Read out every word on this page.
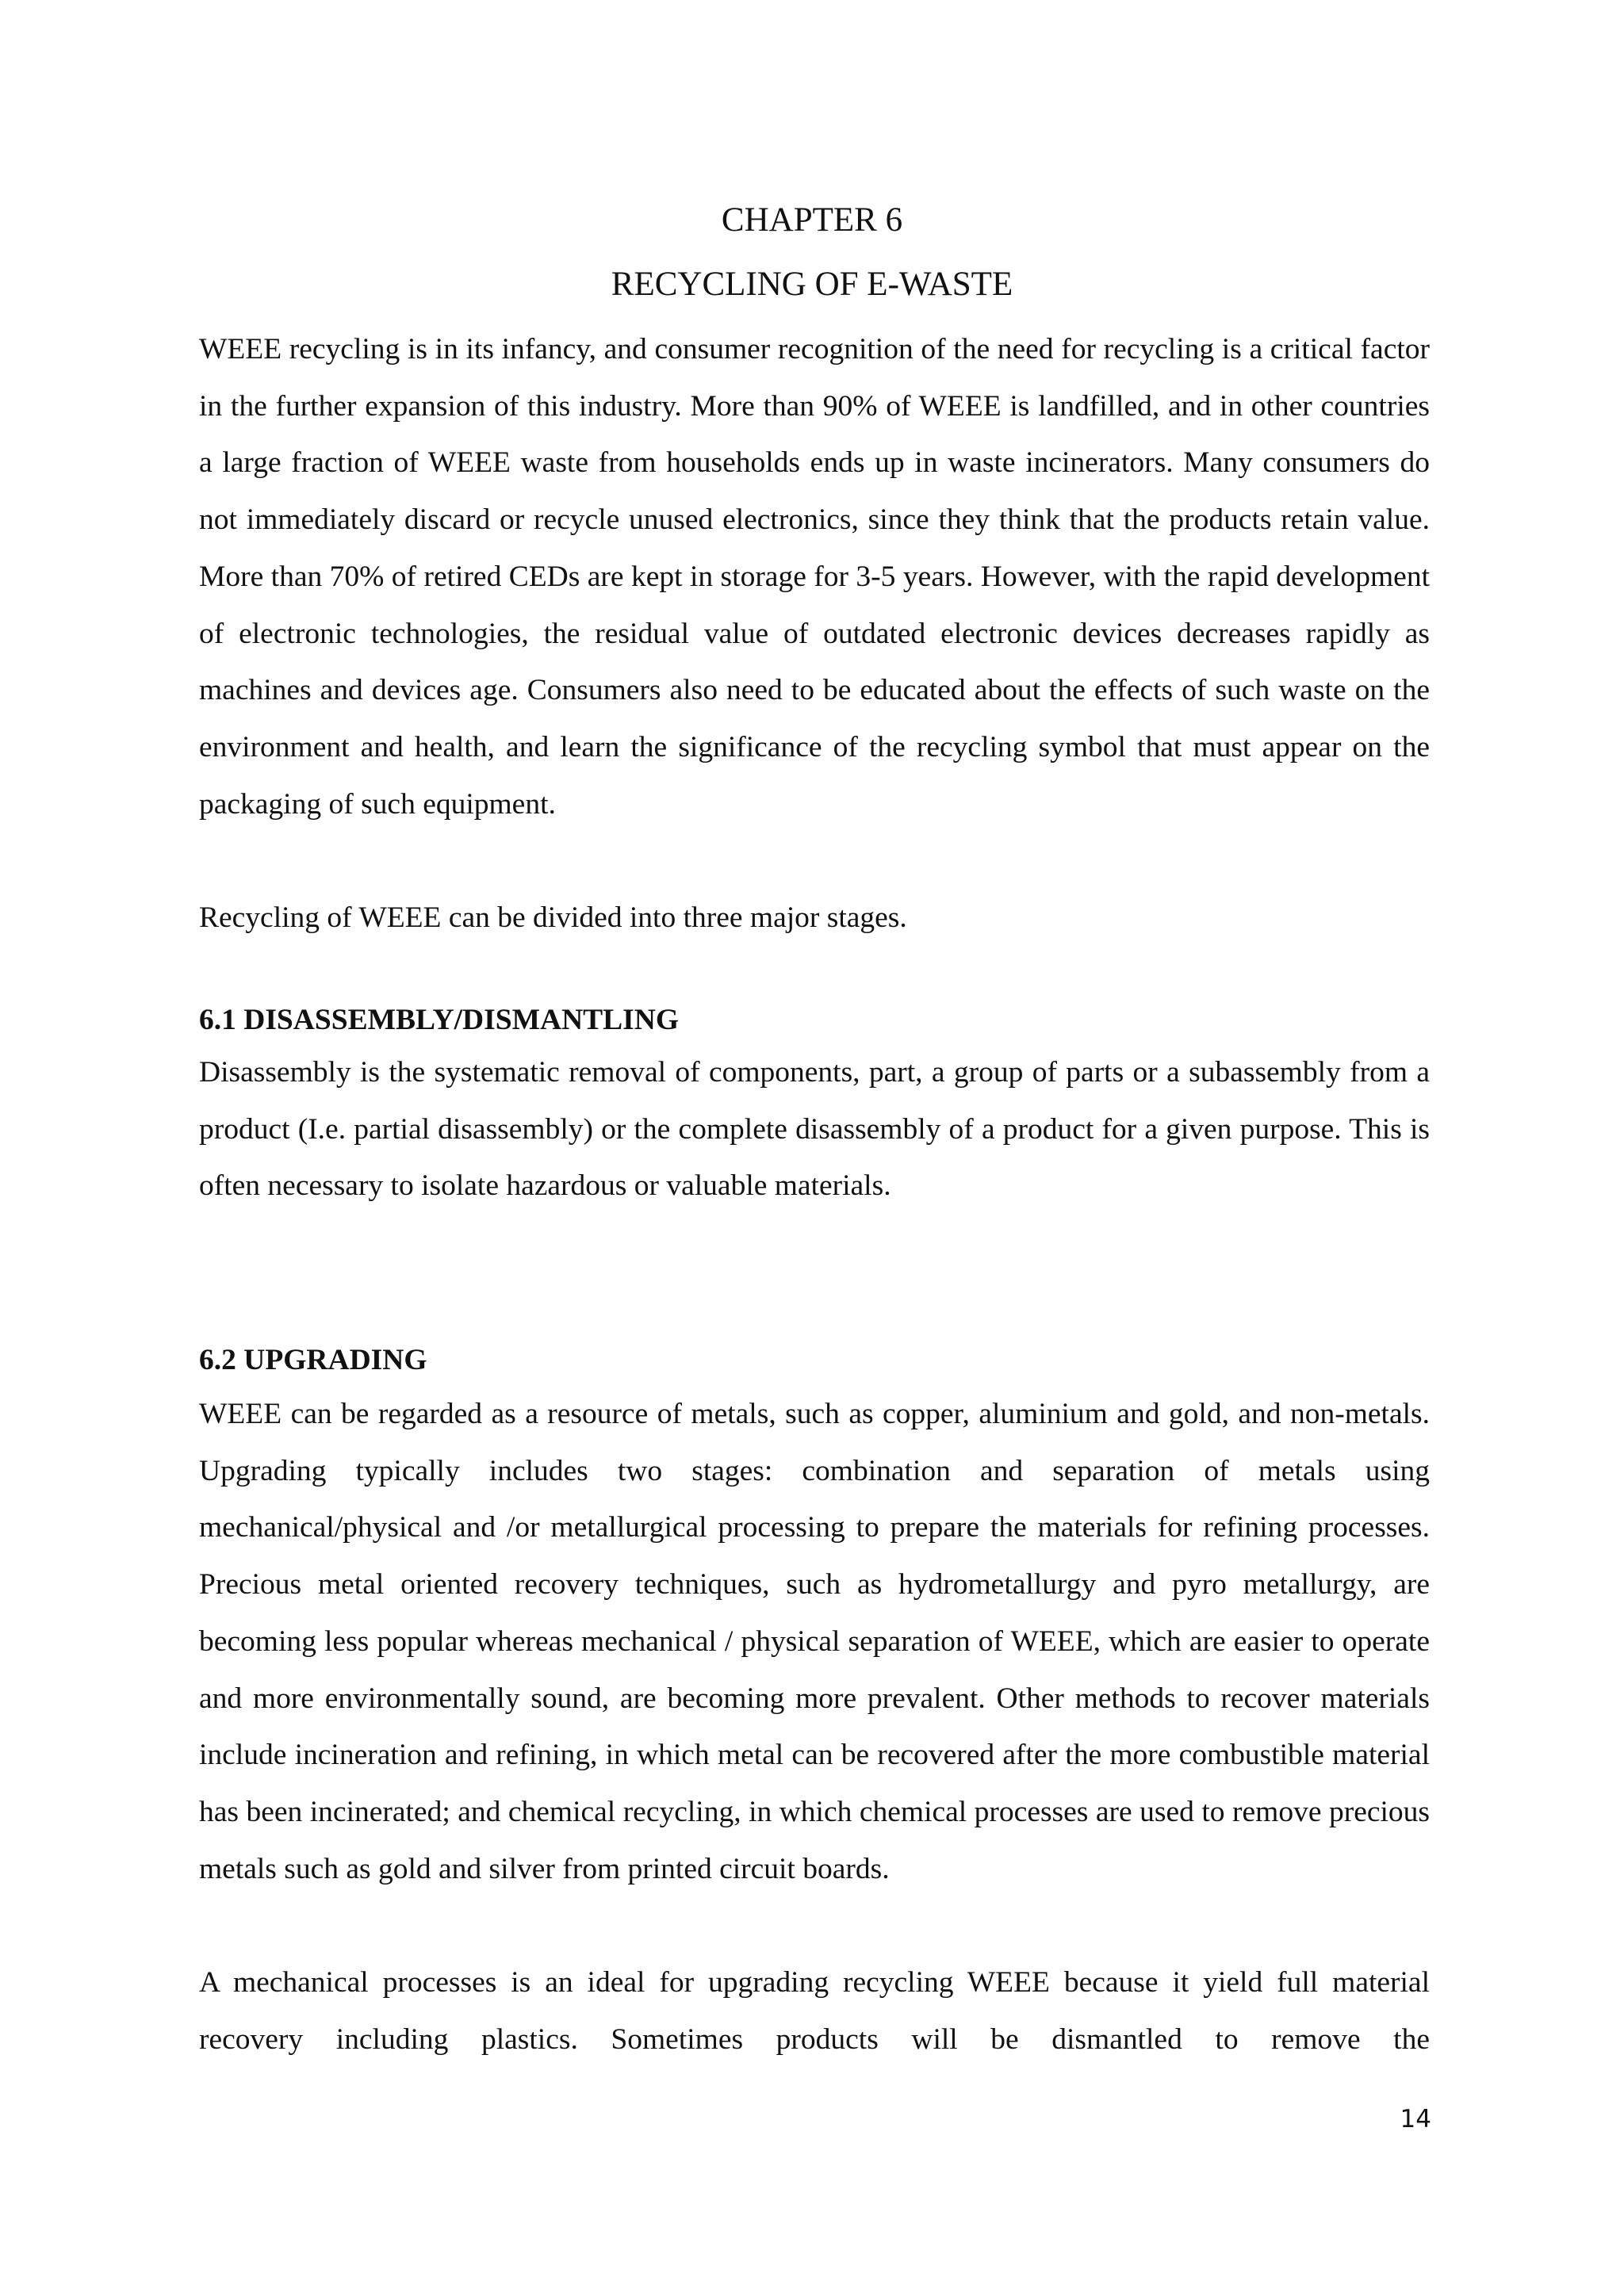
CHAPTER 6
RECYCLING OF E-WASTE

WEEE recycling is in its infancy, and consumer recognition of the need for recycling is a critical factor in the further expansion of this industry. More than 90% of WEEE is landfilled, and in other countries a large fraction of WEEE waste from households ends up in waste incinerators. Many consumers do not immediately discard or recycle unused electronics, since they think that the products retain value. More than 70% of retired CEDs are kept in storage for 3-5 years. However, with the rapid development of electronic technologies, the residual value of outdated electronic devices decreases rapidly as machines and devices age. Consumers also need to be educated about the effects of such waste on the environment and health, and learn the significance of the recycling symbol that must appear on the packaging of such equipment.

Recycling of WEEE can be divided into three major stages.

6.1 DISASSEMBLY/DISMANTLING

Disassembly is the systematic removal of components, part, a group of parts or a subassembly from a product (I.e. partial disassembly) or the complete disassembly of a product for a given purpose. This is often necessary to isolate hazardous or valuable materials.

6.2 UPGRADING

WEEE can be regarded as a resource of metals, such as copper, aluminium and gold, and non-metals. Upgrading typically includes two stages: combination and separation of metals using mechanical/physical and /or metallurgical processing to prepare the materials for refining processes. Precious metal oriented recovery techniques, such as hydrometallurgy and pyro metallurgy, are becoming less popular whereas mechanical / physical separation of WEEE, which are easier to operate and more environmentally sound, are becoming more prevalent. Other methods to recover materials include incineration and refining, in which metal can be recovered after the more combustible material has been incinerated; and chemical recycling, in which chemical processes are used to remove precious metals such as gold and silver from printed circuit boards.

A mechanical processes is an ideal for upgrading recycling WEEE because it yield full material recovery including plastics. Sometimes products will be dismantled to remove the

14
